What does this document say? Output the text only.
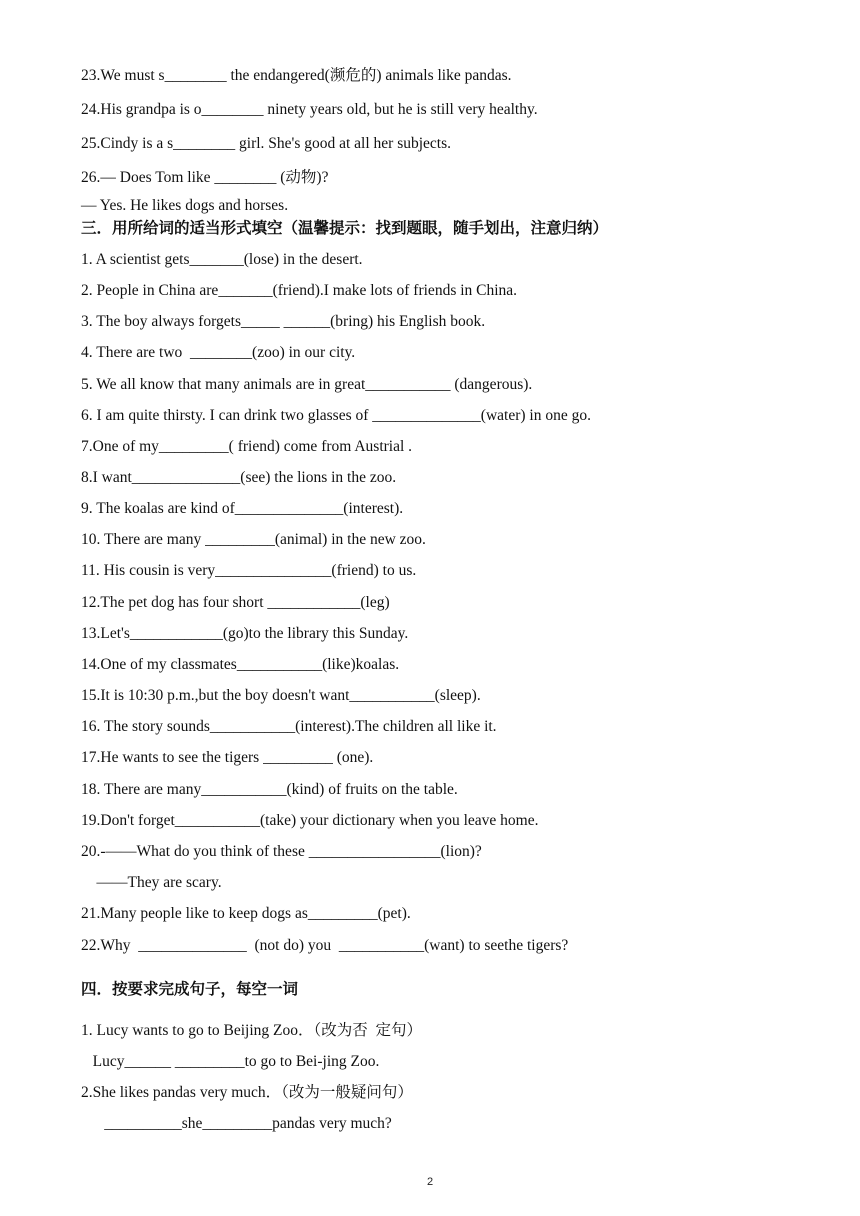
23.We must s________ the endangered(濒危的) animals like pandas.
24.His grandpa is o________ ninety years old, but he is still very healthy.
25.Cindy is a s________ girl. She's good at all her subjects.
26.— Does Tom like ________ (动物)?
— Yes. He likes dogs and horses.
三．用所给词的适当形式填空（温馨提示：找到题眼，随手划出，注意归纳）
1. A scientist gets_______(lose) in the desert.
2. People in China are_______(friend).I make lots of friends in China.
3. The boy always forgets_____ ______(bring) his English book.
4. There are two  ________(zoo) in our city.
5. We all know that many animals are in great___________ (dangerous).
6. I am quite thirsty. I can drink two glasses of ______________(water) in one go.
7.One of my_________( friend) come from Austrial .
8.I want______________(see) the lions in the zoo.
9. The koalas are kind of______________(interest).
10. There are many _________(animal) in the new zoo.
11. His cousin is very_______________(friend) to us.
12.The pet dog has four short ____________(leg)
13.Let's____________(go)to the library this Sunday.
14.One of my classmates___________(like)koalas.
15.It is 10:30 p.m.,but the boy doesn't want___________(sleep).
16. The story sounds___________(interest).The children all like it.
17.He wants to see the tigers _________ (one).
18. There are many___________(kind) of fruits on the table.
19.Don't forget___________(take) your dictionary when you leave home.
20.-——What do you think of these _________________(lion)?
—―They are scary.
21.Many people like to keep dogs as_________(pet).
22.Why  ______________  (not do) you  ___________(want) to seethe tigers?
四．按要求完成句子，每空一词
1. Lucy wants to go to Beijing Zoo．（改为否  定句）
Lucy______ _________to go to Bei-jing Zoo.
2.She likes pandas very much．（改为一般疑问句）
__________she_________pandas very much?
2
